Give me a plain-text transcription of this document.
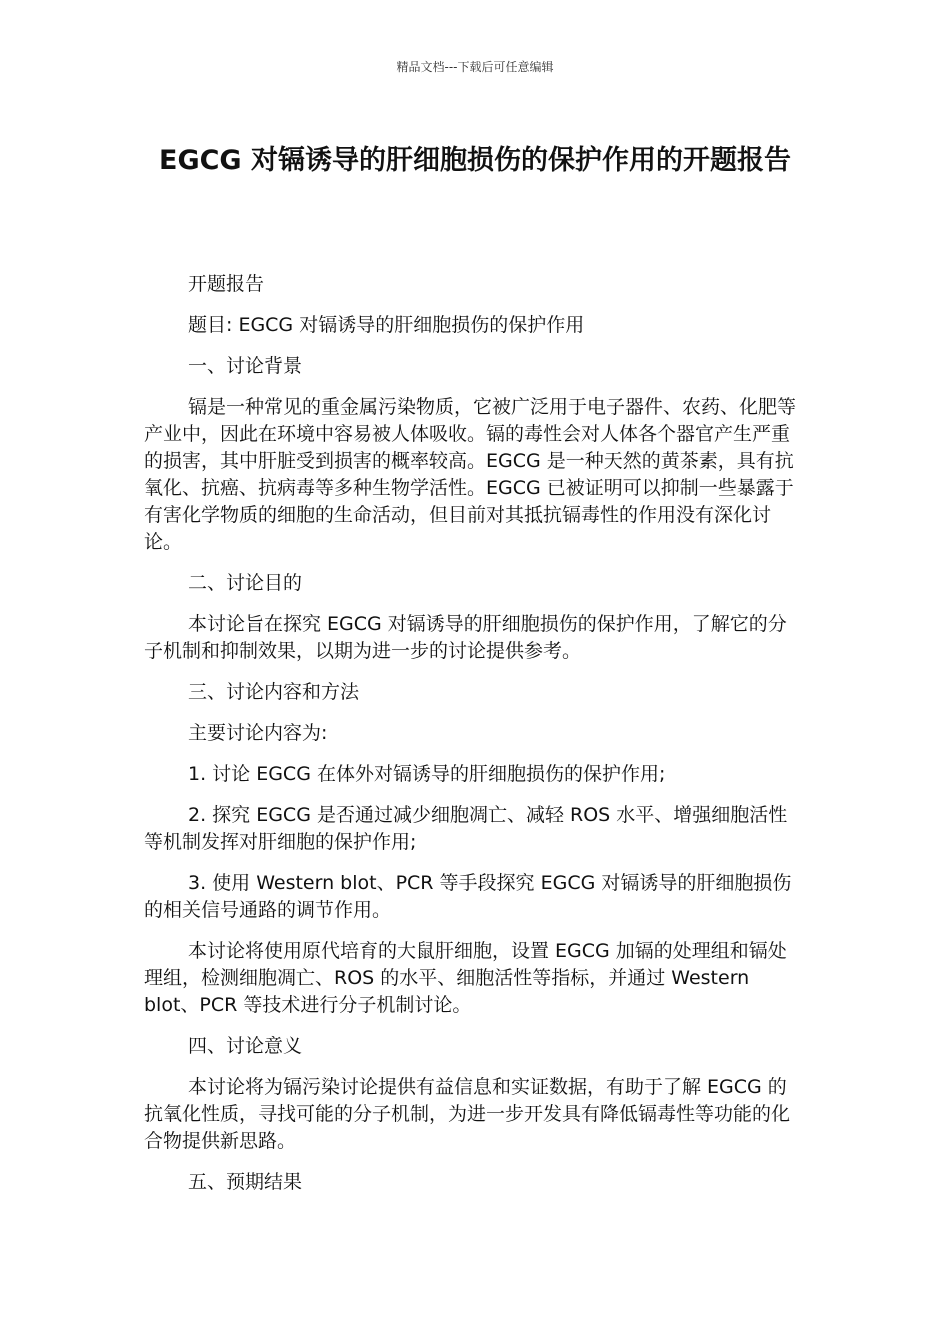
精品文档---下载后可任意编辑
EGCG 对镉诱导的肝细胞损伤的保护作用的开题报告

开题报告

题目: EGCG 对镉诱导的肝细胞损伤的保护作用

一、讨论背景

镉是一种常见的重金属污染物质，它被广泛用于电子器件、农药、化肥等产业中，因此在环境中容易被人体吸收。镉的毒性会对人体各个器官产生严重的损害，其中肝脏受到损害的概率较高。EGCG 是一种天然的黄茶素，具有抗氧化、抗癌、抗病毒等多种生物学活性。EGCG 已被证明可以抑制一些暴露于有害化学物质的细胞的生命活动，但目前对其抵抗镉毒性的作用没有深化讨论。

二、讨论目的

本讨论旨在探究 EGCG 对镉诱导的肝细胞损伤的保护作用，了解它的分子机制和抑制效果，以期为进一步的讨论提供参考。

三、讨论内容和方法

主要讨论内容为:

1. 讨论 EGCG 在体外对镉诱导的肝细胞损伤的保护作用;

2. 探究 EGCG 是否通过减少细胞凋亡、减轻 ROS 水平、增强细胞活性等机制发挥对肝细胞的保护作用;

3. 使用 Western blot、PCR 等手段探究 EGCG 对镉诱导的肝细胞损伤的相关信号通路的调节作用。

本讨论将使用原代培育的大鼠肝细胞，设置 EGCG 加镉的处理组和镉处理组，检测细胞凋亡、ROS 的水平、细胞活性等指标，并通过 Western blot、PCR 等技术进行分子机制讨论。

四、讨论意义

本讨论将为镉污染讨论提供有益信息和实证数据，有助于了解 EGCG 的抗氧化性质，寻找可能的分子机制，为进一步开发具有降低镉毒性等功能的化合物提供新思路。

五、预期结果
